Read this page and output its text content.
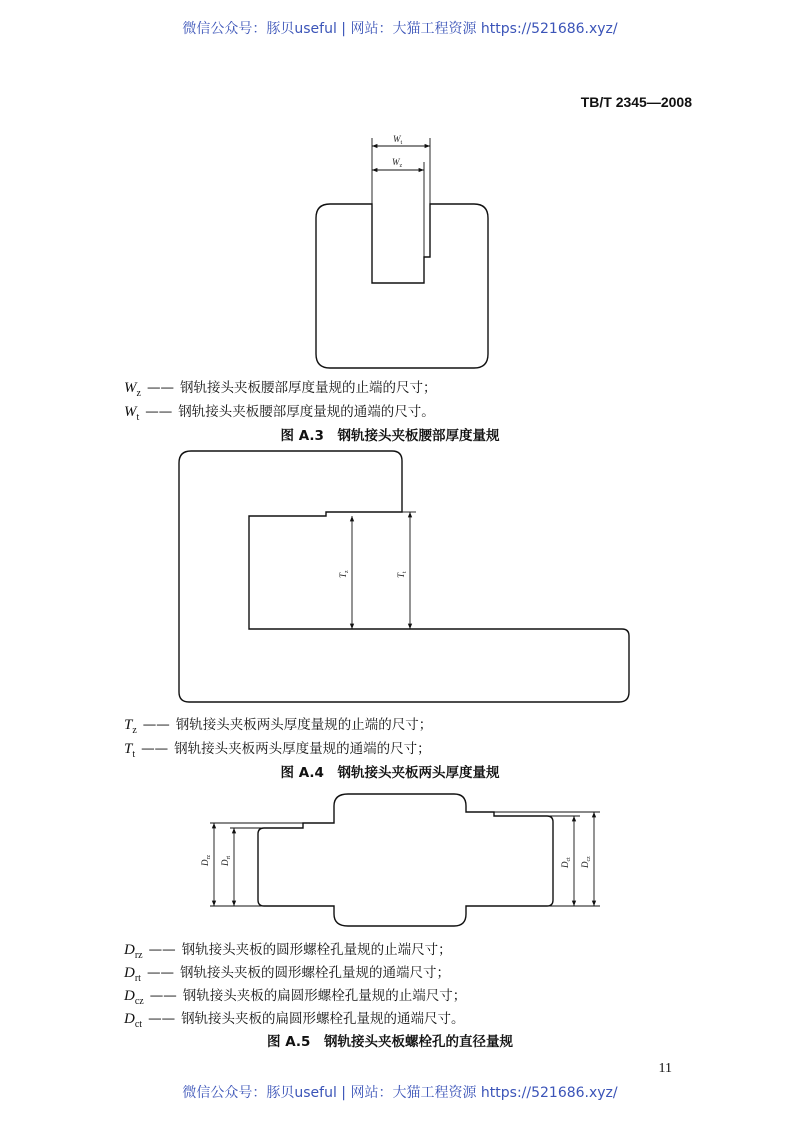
微信公众号：豚贝useful | 网站：大猫工程资源 https://521686.xyz/
微信公众号：豚贝useful | 网站：大猫工程资源 https://521686.xyz/
TB/T 2345—2008
$W_t$
$W_z$
$T_z$
$T_t$
$D_{rz}$
$D_{rt}$
$D_{ct}$
$D_{cz}$
$W_z$ —— 钢轨接头夹板腰部厚度量规的止端的尺寸；
$W_t$ —— 钢轨接头夹板腰部厚度量规的通端的尺寸。
图 A.3　钢轨接头夹板腰部厚度量规
$T_z$ —— 钢轨接头夹板两头厚度量规的止端的尺寸；
$T_t$ —— 钢轨接头夹板两头厚度量规的通端的尺寸；
图 A.4　钢轨接头夹板两头厚度量规
$D_{rz}$ —— 钢轨接头夹板的圆形螺栓孔量规的止端尺寸；
$D_{rt}$ —— 钢轨接头夹板的圆形螺栓孔量规的通端尺寸；
$D_{cz}$ —— 钢轨接头夹板的扁圆形螺栓孔量规的止端尺寸；
$D_{ct}$ —— 钢轨接头夹板的扁圆形螺栓孔量规的通端尺寸。
图 A.5　钢轨接头夹板螺栓孔的直径量规
11
